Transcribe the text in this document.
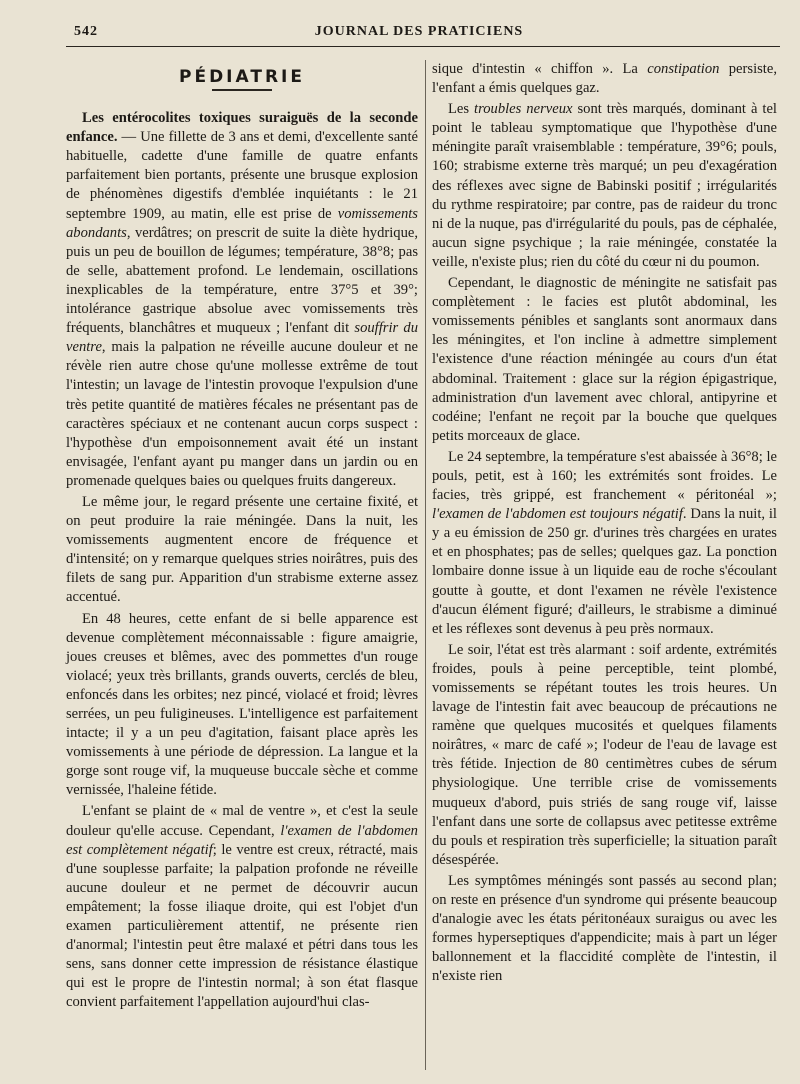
542	JOURNAL DES PRATICIENS
PÉDIATRIE

Les entérocolites toxiques suraiguës de la seconde enfance. — Une fillette de 3 ans et demi, d'excellente santé habituelle, cadette d'une famille de quatre enfants parfaitement bien portants, présente une brusque explosion de phénomènes digestifs d'emblée inquiétants : le 21 septembre 1909, au matin, elle est prise de vomissements abondants, verdâtres; on prescrit de suite la diète hydrique, puis un peu de bouillon de légumes; température, 38°8; pas de selle, abattement profond. Le lendemain, oscillations inexplicables de la température, entre 37°5 et 39°; intolérance gastrique absolue avec vomissements très fréquents, blanchâtres et muqueux ; l'enfant dit souffrir du ventre, mais la palpation ne réveille aucune douleur et ne révèle rien autre chose qu'une mollesse extrême de tout l'intestin; un lavage de l'intestin provoque l'expulsion d'une très petite quantité de matières fécales ne présentant pas de caractères spéciaux et ne contenant aucun corps suspect : l'hypothèse d'un empoisonnement avait été un instant envisagée, l'enfant ayant pu manger dans un jardin ou en promenade quelques baies ou quelques fruits dangereux.

Le même jour, le regard présente une certaine fixité, et on peut produire la raie méningée. Dans la nuit, les vomissements augmentent encore de fréquence et d'intensité; on y remarque quelques stries noirâtres, puis des filets de sang pur. Apparition d'un strabisme externe assez accentué.

En 48 heures, cette enfant de si belle apparence est devenue complètement méconnaissable : figure amaigrie, joues creuses et blêmes, avec des pommettes d'un rouge violacé; yeux très brillants, grands ouverts, cerclés de bleu, enfoncés dans les orbites; nez pincé, violacé et froid; lèvres serrées, un peu fuligineuses. L'intelligence est parfaitement intacte; il y a un peu d'agitation, faisant place après les vomissements à une période de dépression. La langue et la gorge sont rouge vif, la muqueuse buccale sèche et comme vernissée, l'haleine fétide.

L'enfant se plaint de « mal de ventre », et c'est la seule douleur qu'elle accuse. Cependant, l'examen de l'abdomen est complètement négatif; le ventre est creux, rétracté, mais d'une souplesse parfaite; la palpation profonde ne réveille aucune douleur et ne permet de découvrir aucun empâtement; la fosse iliaque droite, qui est l'objet d'un examen particulièrement attentif, ne présente rien d'anormal; l'intestin peut être malaxé et pétri dans tous les sens, sans donner cette impression de résistance élastique qui est le propre de l'intestin normal; à son état flasque convient parfaitement l'appellation aujourd'hui clas-

sique d'intestin « chiffon ». La constipation persiste, l'enfant a émis quelques gaz.

Les troubles nerveux sont très marqués, dominant à tel point le tableau symptomatique que l'hypothèse d'une méningite paraît vraisemblable : température, 39°6; pouls, 160; strabisme externe très marqué; un peu d'exagération des réflexes avec signe de Babinski positif ; irrégularités du rythme respiratoire; par contre, pas de raideur du tronc ni de la nuque, pas d'irrégularité du pouls, pas de céphalée, aucun signe psychique ; la raie méningée, constatée la veille, n'existe plus; rien du côté du cœur ni du poumon.

Cependant, le diagnostic de méningite ne satisfait pas complètement : le facies est plutôt abdominal, les vomissements pénibles et sanglants sont anormaux dans les méningites, et l'on incline à admettre simplement l'existence d'une réaction méningée au cours d'un état abdominal. Traitement : glace sur la région épigastrique, administration d'un lavement avec chloral, antipyrine et codéine; l'enfant ne reçoit par la bouche que quelques petits morceaux de glace.

Le 24 septembre, la température s'est abaissée à 36°8; le pouls, petit, est à 160; les extrémités sont froides. Le facies, très grippé, est franchement « péritonéal »; l'examen de l'abdomen est toujours négatif. Dans la nuit, il y a eu émission de 250 gr. d'urines très chargées en urates et en phosphates; pas de selles; quelques gaz. La ponction lombaire donne issue à un liquide eau de roche s'écoulant goutte à goutte, et dont l'examen ne révèle l'existence d'aucun élément figuré; d'ailleurs, le strabisme a diminué et les réflexes sont devenus à peu près normaux.

Le soir, l'état est très alarmant : soif ardente, extrémités froides, pouls à peine perceptible, teint plombé, vomissements se répétant toutes les trois heures. Un lavage de l'intestin fait avec beaucoup de précautions ne ramène que quelques mucosités et quelques filaments noirâtres, « marc de café »; l'odeur de l'eau de lavage est très fétide. Injection de 80 centimètres cubes de sérum physiologique. Une terrible crise de vomissements muqueux d'abord, puis striés de sang rouge vif, laisse l'enfant dans une sorte de collapsus avec petitesse extrême du pouls et respiration très superficielle; la situation paraît désespérée.

Les symptômes méningés sont passés au second plan; on reste en présence d'un syndrome qui présente beaucoup d'analogie avec les états péritonéaux suraigus ou avec les formes hyperseptiques d'appendicite; mais à part un léger ballonnement et la flaccidité complète de l'intestin, il n'existe rien
